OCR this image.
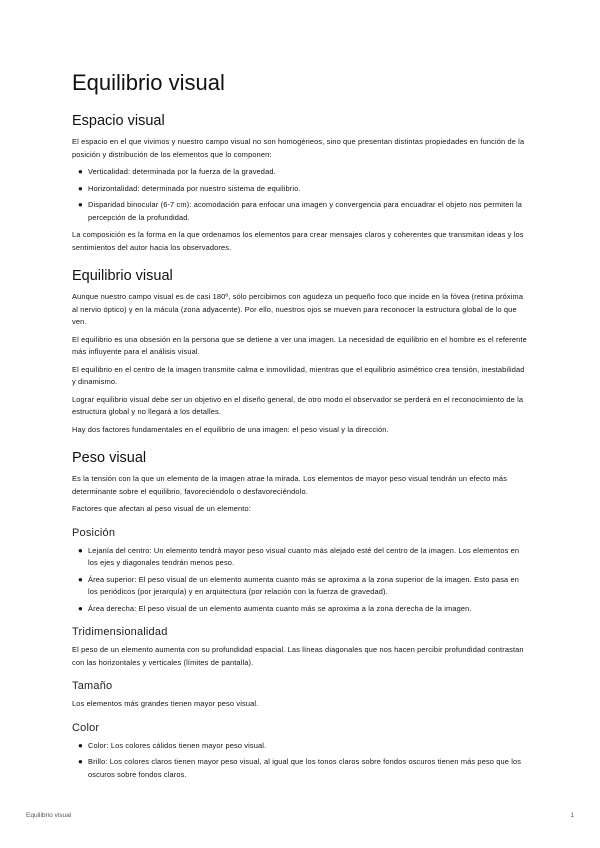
Equilibrio visual
Espacio visual

El espacio en el que vivimos y nuestro campo visual no son homogéneos, sino que presentan distintas propiedades en función de la posición y distribución de los elementos que lo componen:

● Verticalidad: determinada por la fuerza de la gravedad.
● Horizontalidad: determinada por nuestro sistema de equilibrio.
● Disparidad binocular (6-7 cm): acomodación para enfocar una imagen y convergencia para encuadrar el objeto nos permiten la percepción de la profundidad.

La composición es la forma en la que ordenamos los elementos para crear mensajes claros y coherentes que transmitan ideas y los sentimientos del autor hacia los observadores.

Equilibrio visual

Aunque nuestro campo visual es de casi 180º, sólo percibimos con agudeza un pequeño foco que incide en la fóvea (retina próxima al nervio óptico) y en la mácula (zona adyacente). Por ello, nuestros ojos se mueven para reconocer la estructura global de lo que ven.

El equilibrio es una obsesión en la persona que se detiene a ver una imagen. La necesidad de equilibrio en el hombre es el referente más influyente para el análisis visual.

El equilibrio en el centro de la imagen transmite calma e inmovilidad, mientras que el equilibrio asimétrico crea tensión, inestabilidad y dinamismo.

Lograr equilibrio visual debe ser un objetivo en el diseño general, de otro modo el observador se perderá en el reconocimiento de la estructura global y no llegará a los detalles.

Hay dos factores fundamentales en el equilibrio de una imagen: el peso visual y la dirección.

Peso visual

Es la tensión con la que un elemento de la imagen atrae la mirada. Los elementos de mayor peso visual tendrán un efecto más determinante sobre el equilibrio, favoreciéndolo o desfavoreciéndolo.

Factores que afectan al peso visual de un elemento:

Posición
● Lejanía del centro: Un elemento tendrá mayor peso visual cuanto más alejado esté del centro de la imagen. Los elementos en los ejes y diagonales tendrán menos peso.
● Área superior: El peso visual de un elemento aumenta cuanto más se aproxima a la zona superior de la imagen. Esto pasa en los periódicos (por jerarquía) y en arquitectura (por relación con la fuerza de gravedad).
● Área derecha: El peso visual de un elemento aumenta cuanto más se aproxima a la zona derecha de la imagen.
Tridimensionalidad

El peso de un elemento aumenta con su profundidad espacial. Las líneas diagonales que nos hacen percibir profundidad contrastan con las horizontales y verticales (límites de pantalla).

Tamaño

Los elementos más grandes tienen mayor peso visual.

Color
● Color: Los colores cálidos tienen mayor peso visual.
● Brillo: Los colores claros tienen mayor peso visual, al igual que los tonos claros sobre fondos oscuros tienen más peso que los oscuros sobre fondos claros.
Equilibrio visual	1
